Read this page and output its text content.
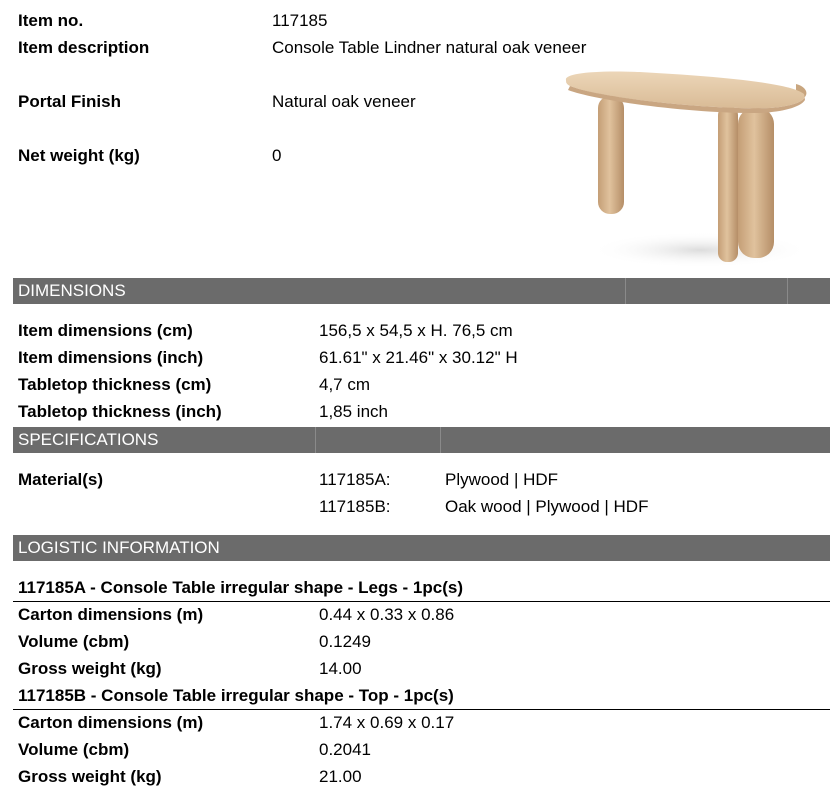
Item no.	117185
Item description	Console Table Lindner natural oak veneer
Portal Finish	Natural oak veneer
Net weight (kg)	0
DIMENSIONS
Item dimensions (cm)	156,5 x 54,5 x H. 76,5 cm
Item dimensions (inch)	61.61" x 21.46" x 30.12" H
Tabletop thickness (cm)	4,7 cm
Tabletop thickness (inch)	1,85 inch
SPECIFICATIONS
Material(s)	117185A:	Plywood | HDF
117185B:	Oak wood | Plywood | HDF
LOGISTIC INFORMATION
117185A - Console Table irregular shape - Legs - 1pc(s)
Carton dimensions (m)	0.44 x 0.33 x 0.86
Volume (cbm)	0.1249
Gross weight (kg)	14.00
117185B - Console Table irregular shape - Top - 1pc(s)
Carton dimensions (m)	1.74 x 0.69 x 0.17
Volume (cbm)	0.2041
Gross weight (kg)	21.00
